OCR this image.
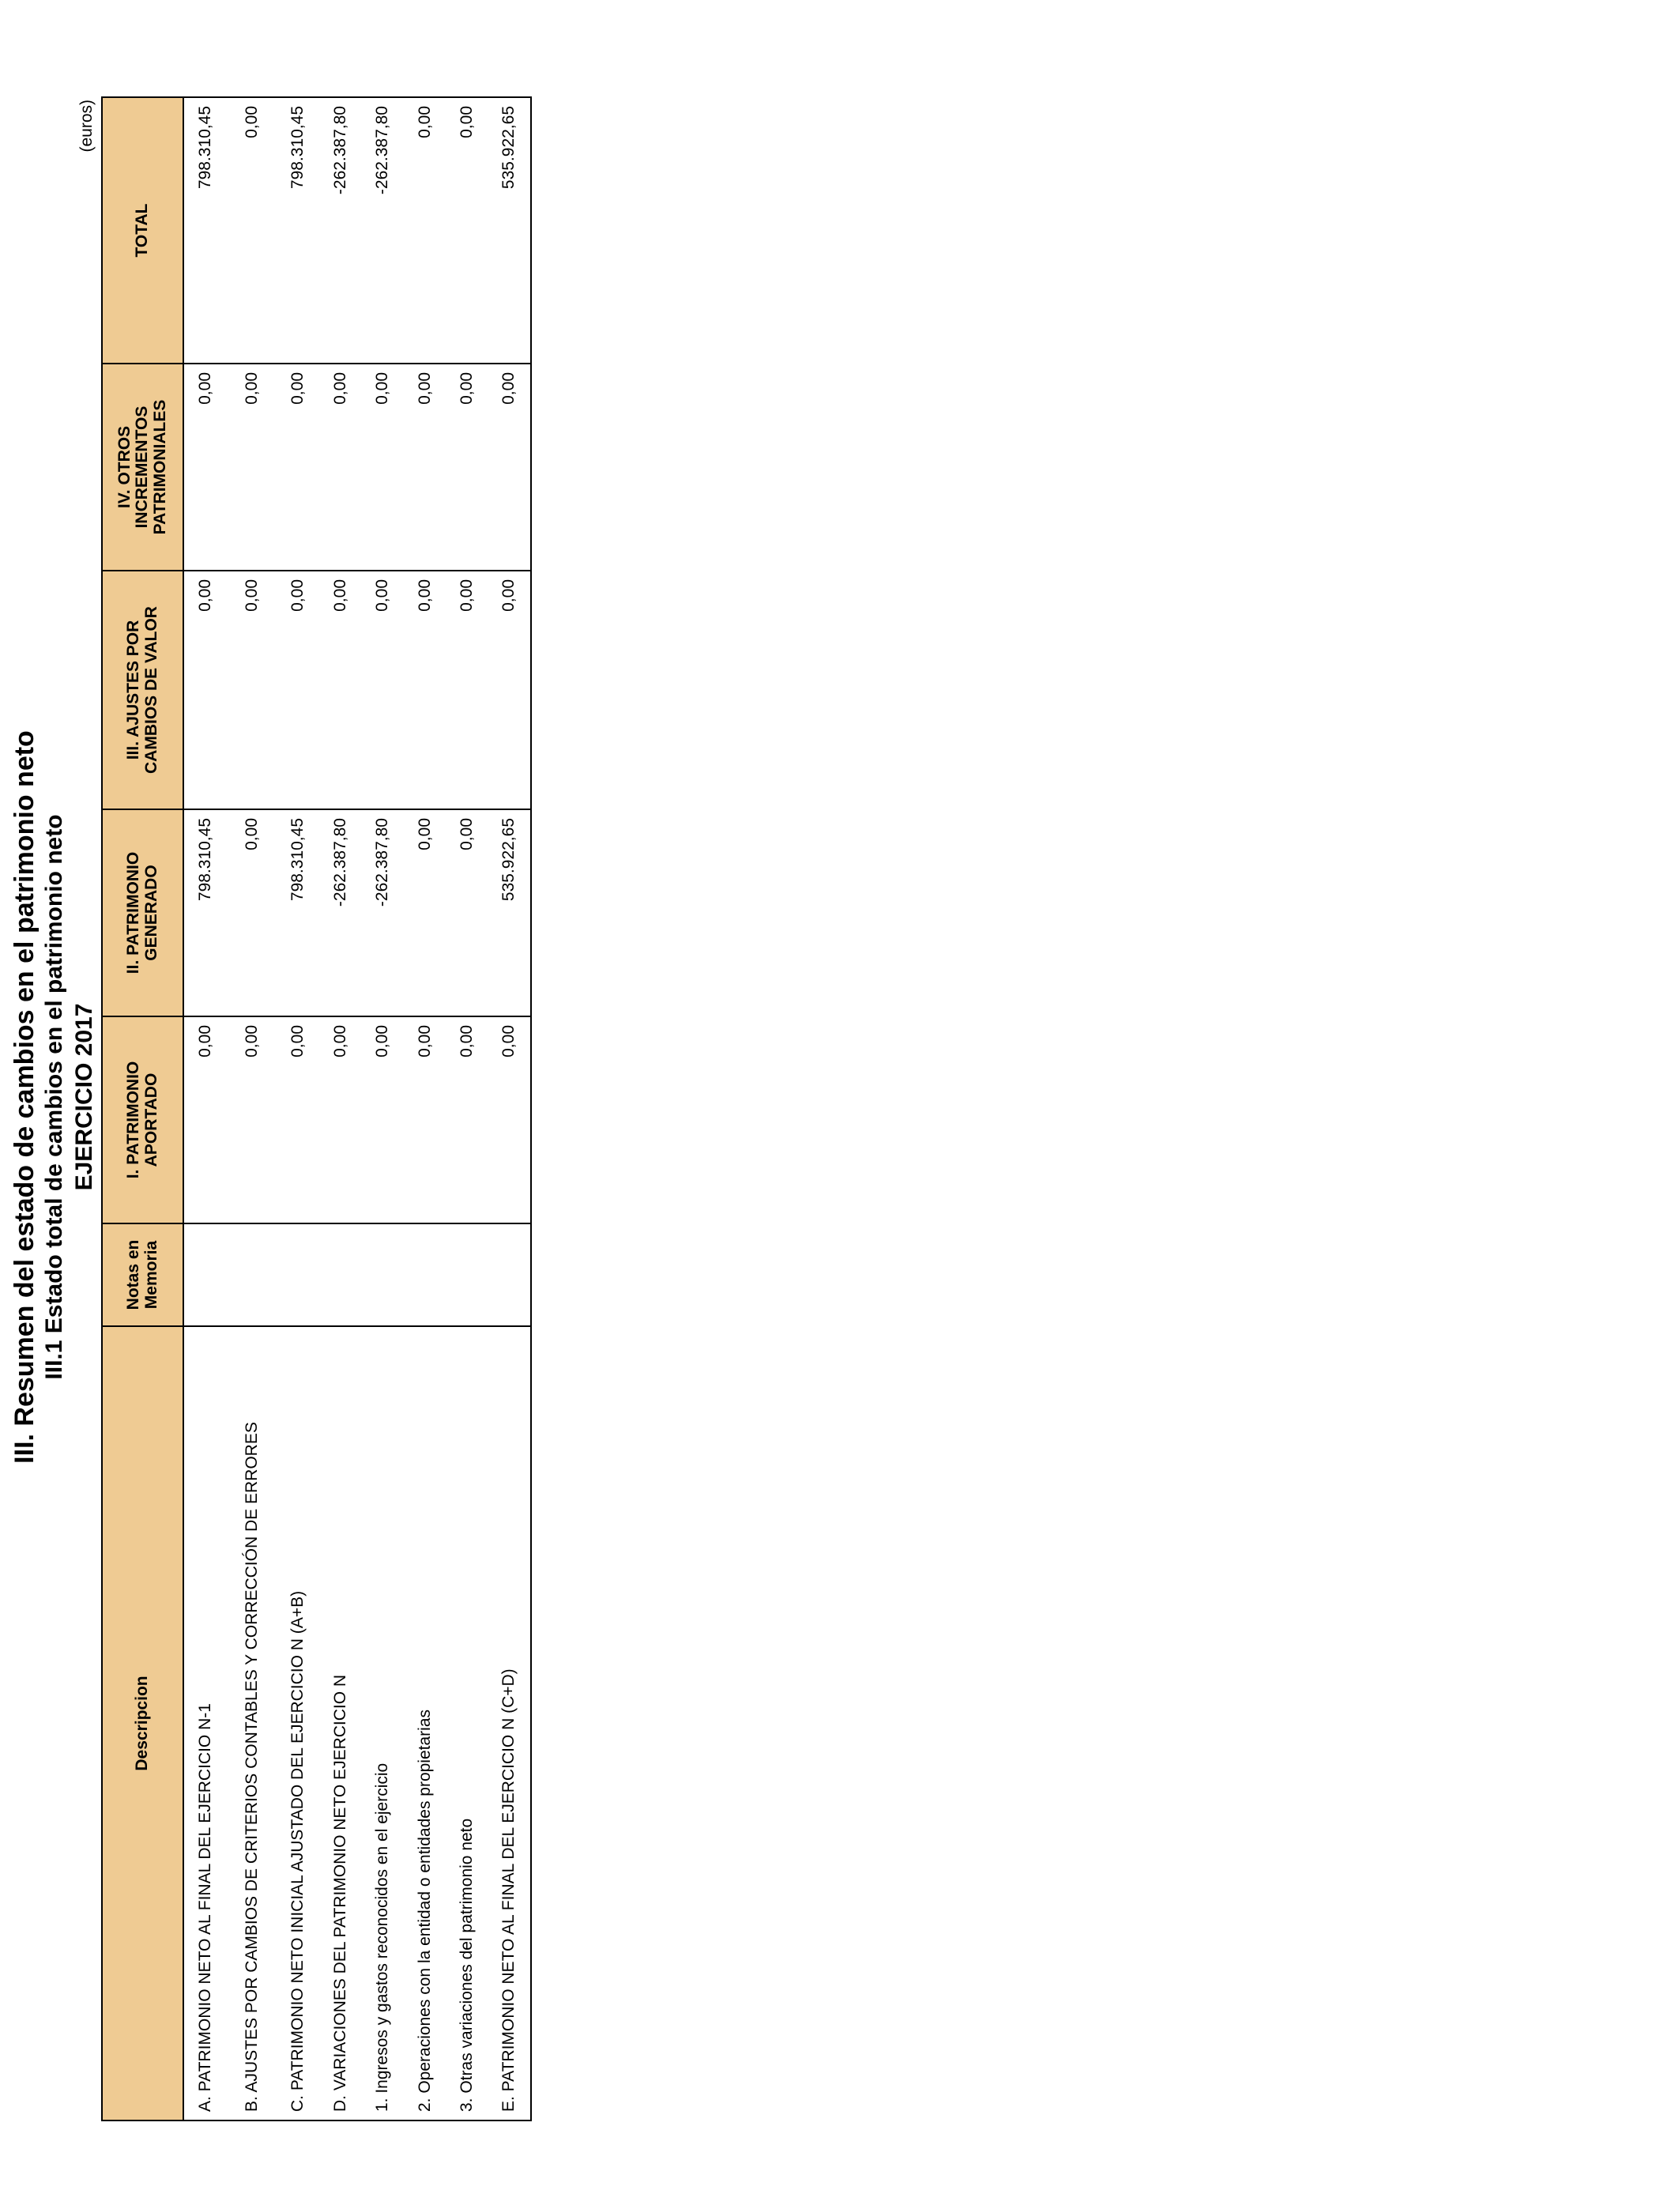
III. Resumen del estado de cambios en el patrimonio neto III.1 Estado total de cambios en el patrimonio neto EJERCICIO 2017
(euros)
Descripcion	Notas en Memoria	I. PATRIMONIO APORTADO	II. PATRIMONIO GENERADO	III. AJUSTES POR CAMBIOS DE VALOR	IV. OTROS INCREMENTOS PATRIMONIALES	TOTAL
A. PATRIMONIO NETO AL FINAL DEL EJERCICIO N-1		0,00	798.310,45	0,00	0,00	798.310,45
B. AJUSTES POR CAMBIOS DE CRITERIOS CONTABLES Y CORRECCIÓN DE ERRORES		0,00	0,00	0,00	0,00	0,00
C. PATRIMONIO NETO INICIAL AJUSTADO DEL EJERCICIO N (A+B)		0,00	798.310,45	0,00	0,00	798.310,45
D. VARIACIONES DEL PATRIMONIO NETO EJERCICIO N		0,00	-262.387,80	0,00	0,00	-262.387,80
1. Ingresos y gastos reconocidos en el ejercicio		0,00	-262.387,80	0,00	0,00	-262.387,80
2. Operaciones con la entidad o entidades propietarias		0,00	0,00	0,00	0,00	0,00
3. Otras variaciones del patrimonio neto		0,00	0,00	0,00	0,00	0,00
E. PATRIMONIO NETO AL FINAL DEL EJERCICIO N (C+D)		0,00	535.922,65	0,00	0,00	535.922,65
